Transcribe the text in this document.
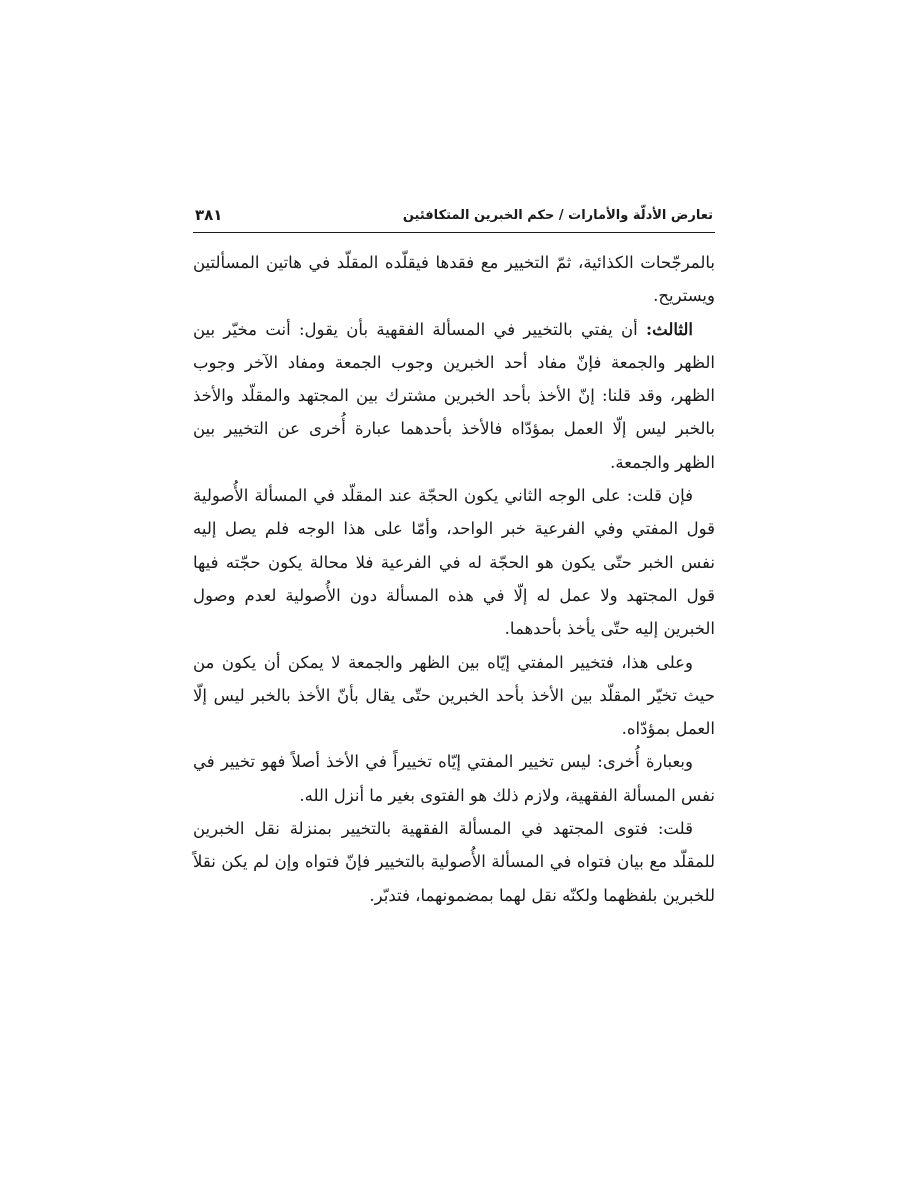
تعارض الأدلّة والأمارات / حكم الخبرين المتكافئين
٣٨١

بالمرجّحات الكذائية، ثمّ التخيير مع فقدها فيقلّده المقلّد في هاتين المسألتين ويستريح.

الثالث: أن يفتي بالتخيير في المسألة الفقهية بأن يقول: أنت مخيّر بين الظهر والجمعة فإنّ مفاد أحد الخبرين وجوب الجمعة ومفاد الآخر وجوب الظهر، وقد قلنا: إنّ الأخذ بأحد الخبرين مشترك بين المجتهد والمقلّد والأخذ بالخبر ليس إلّا العمل بمؤدّاه فالأخذ بأحدهما عبارة أُخرى عن التخيير بين الظهر والجمعة.

فإن قلت: على الوجه الثاني يكون الحجّة عند المقلّد في المسألة الأُصولية قول المفتي وفي الفرعية خبر الواحد، وأمّا على هذا الوجه فلم يصل إليه نفس الخبر حتّى يكون هو الحجّة له في الفرعية فلا محالة يكون حجّته فيها قول المجتهد ولا عمل له إلّا في هذه المسألة دون الأُصولية لعدم وصول الخبرين إليه حتّى يأخذ بأحدهما.

وعلى هذا، فتخيير المفتي إيّاه بين الظهر والجمعة لا يمكن أن يكون من حيث تخيّر المقلّد بين الأخذ بأحد الخبرين حتّى يقال بأنّ الأخذ بالخبر ليس إلّا العمل بمؤدّاه.

وبعبارة أُخرى: ليس تخيير المفتي إيّاه تخييراً في الأخذ أصلاً فهو تخيير في نفس المسألة الفقهية، ولازم ذلك هو الفتوى بغير ما أنزل الله.

قلت: فتوى المجتهد في المسألة الفقهية بالتخيير بمنزلة نقل الخبرين للمقلّد مع بيان فتواه في المسألة الأُصولية بالتخيير فإنّ فتواه وإن لم يكن نقلاً للخبرين بلفظهما ولكنّه نقل لهما بمضمونهما، فتدبّر.
